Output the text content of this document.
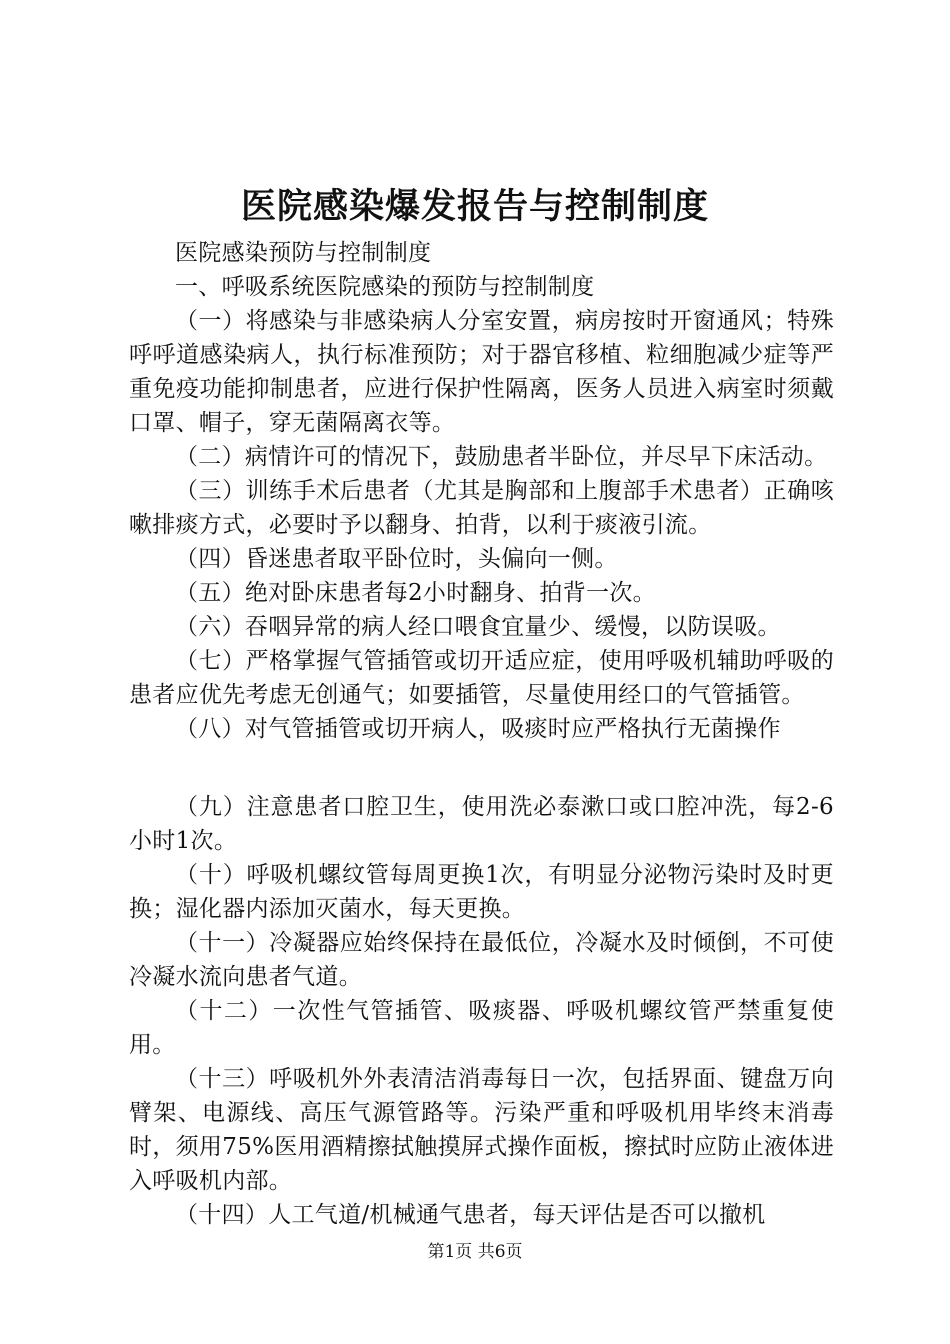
医院感染爆发报告与控制制度

医院感染预防与控制制度

一、呼吸系统医院感染的预防与控制制度

（一）将感染与非感染病人分室安置，病房按时开窗通风；特殊呼呼道感染病人，执行标准预防；对于器官移植、粒细胞减少症等严重免疫功能抑制患者，应进行保护性隔离，医务人员进入病室时须戴口罩、帽子，穿无菌隔离衣等。

（二）病情许可的情况下，鼓励患者半卧位，并尽早下床活动。

（三）训练手术后患者（尤其是胸部和上腹部手术患者）正确咳嗽排痰方式，必要时予以翻身、拍背，以利于痰液引流。

（四）昏迷患者取平卧位时，头偏向一侧。

（五）绝对卧床患者每2小时翻身、拍背一次。

（六）吞咽异常的病人经口喂食宜量少、缓慢，以防误吸。

（七）严格掌握气管插管或切开适应症，使用呼吸机辅助呼吸的患者应优先考虑无创通气；如要插管，尽量使用经口的气管插管。

（八）对气管插管或切开病人，吸痰时应严格执行无菌操作

（九）注意患者口腔卫生，使用洗必泰漱口或口腔冲洗，每2-6小时1次。

（十）呼吸机螺纹管每周更换1次，有明显分泌物污染时及时更换；湿化器内添加灭菌水，每天更换。

（十一）冷凝器应始终保持在最低位，冷凝水及时倾倒，不可使冷凝水流向患者气道。

（十二）一次性气管插管、吸痰器、呼吸机螺纹管严禁重复使用。

（十三）呼吸机外外表清洁消毒每日一次，包括界面、键盘万向臂架、电源线、高压气源管路等。污染严重和呼吸机用毕终末消毒时，须用75%医用酒精擦拭触摸屏式操作面板，擦拭时应防止液体进入呼吸机内部。

（十四）人工气道/机械通气患者，每天评估是否可以撤机

第1页 共6页
